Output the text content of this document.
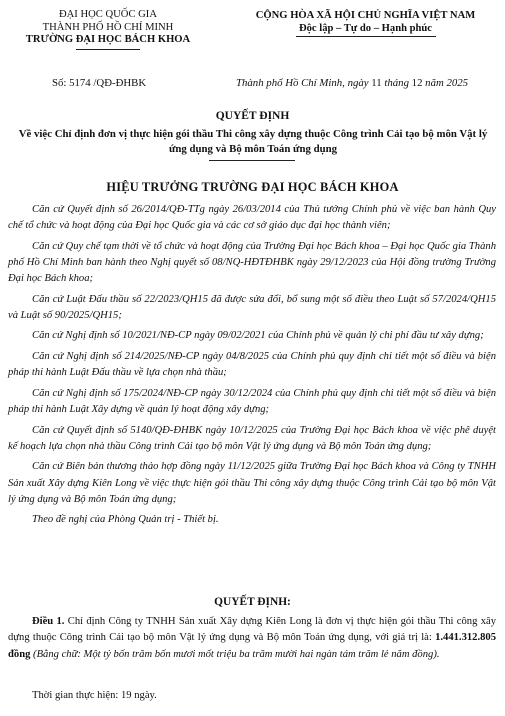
ĐẠI HỌC QUỐC GIA
THÀNH PHỐ HỒ CHÍ MINH
TRƯỜNG ĐẠI HỌC BÁCH KHOA
CỘNG HÒA XÃ HỘI CHỦ NGHĨA VIỆT NAM
Độc lập – Tự do – Hạnh phúc
Số: 5174 /QĐ-ĐHBK	Thành phố Hồ Chí Minh, ngày 11 tháng 12 năm 2025
QUYẾT ĐỊNH
Về việc Chỉ định đơn vị thực hiện gói thầu Thi công xây dựng thuộc Công trình Cải tạo bộ môn Vật lý ứng dụng và Bộ môn Toán ứng dụng
HIỆU TRƯỞNG TRƯỜNG ĐẠI HỌC BÁCH KHOA

Căn cứ Quyết định số 26/2014/QĐ-TTg ngày 26/03/2014 của Thủ tướng Chính phủ về việc ban hành Quy chế tổ chức và hoạt động của Đại học Quốc gia và các cơ sở giáo dục đại học thành viên;

Căn cứ Quy chế tạm thời về tổ chức và hoạt động của Trường Đại học Bách khoa – Đại học Quốc gia Thành phố Hồ Chí Minh ban hành theo Nghị quyết số 08/NQ-HĐTĐHBK ngày 29/12/2023 của Hội đồng trường Trường Đại học Bách khoa;

Căn cứ Luật Đấu thầu số 22/2023/QH15 đã được sửa đổi, bổ sung một số điều theo Luật số 57/2024/QH15 và Luật số 90/2025/QH15;

Căn cứ Nghị định số 10/2021/NĐ-CP ngày 09/02/2021 của Chính phủ về quản lý chi phí đầu tư xây dựng;

Căn cứ Nghị định số 214/2025/NĐ-CP ngày 04/8/2025 của Chính phủ quy định chi tiết một số điều và biện pháp thi hành Luật Đấu thầu về lựa chọn nhà thầu;

Căn cứ Nghị định số 175/2024/NĐ-CP ngày 30/12/2024 của Chính phủ quy định chi tiết một số điều và biện pháp thi hành Luật Xây dựng về quản lý hoạt động xây dựng;

Căn cứ Quyết định số 5140/QĐ-ĐHBK ngày 10/12/2025 của Trường Đại học Bách khoa về việc phê duyệt kế hoạch lựa chọn nhà thầu Công trình Cải tạo bộ môn Vật lý ứng dụng và Bộ môn Toán ứng dụng;

Căn cứ Biên bản thương thảo hợp đồng ngày 11/12/2025 giữa Trường Đại học Bách khoa và Công ty TNHH Sản xuất Xây dựng Kiên Long về việc thực hiện gói thầu Thi công xây dựng thuộc Công trình Cải tạo bộ môn Vật lý ứng dụng và Bộ môn Toán ứng dụng;

Theo đề nghị của Phòng Quản trị - Thiết bị.

QUYẾT ĐỊNH:
Điều 1. Chỉ định Công ty TNHH Sản xuất Xây dựng Kiên Long là đơn vị thực hiện gói thầu Thi công xây dựng thuộc Công trình Cải tạo bộ môn Vật lý ứng dụng và Bộ môn Toán ứng dụng, với giá trị là: 1.441.312.805 đồng (Bằng chữ: Một tỷ bốn trăm bốn mươi mốt triệu ba trăm mười hai ngàn tám trăm lẻ năm đồng).
Thời gian thực hiện: 19 ngày.
